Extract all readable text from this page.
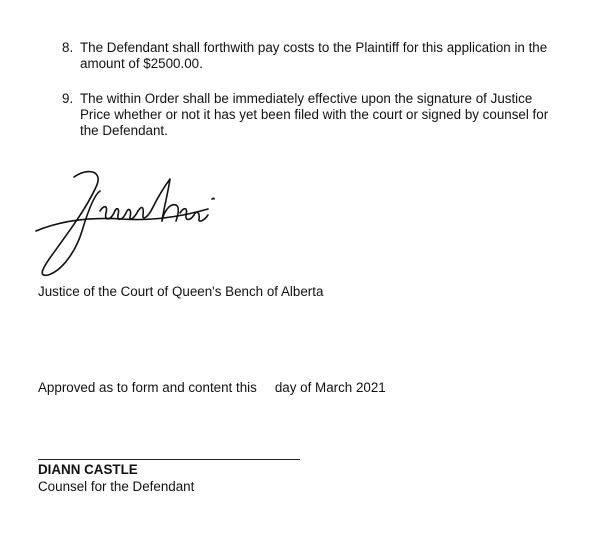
8. The Defendant shall forthwith pay costs to the Plaintiff for this application in the amount of $2500.00.
9. The within Order shall be immediately effective upon the signature of Justice Price whether or not it has yet been filed with the court or signed by counsel for the Defendant.
Justice of the Court of Queen's Bench of Alberta
Approved as to form and content this day of March 2021
DIANN CASTLE
Counsel for the Defendant
